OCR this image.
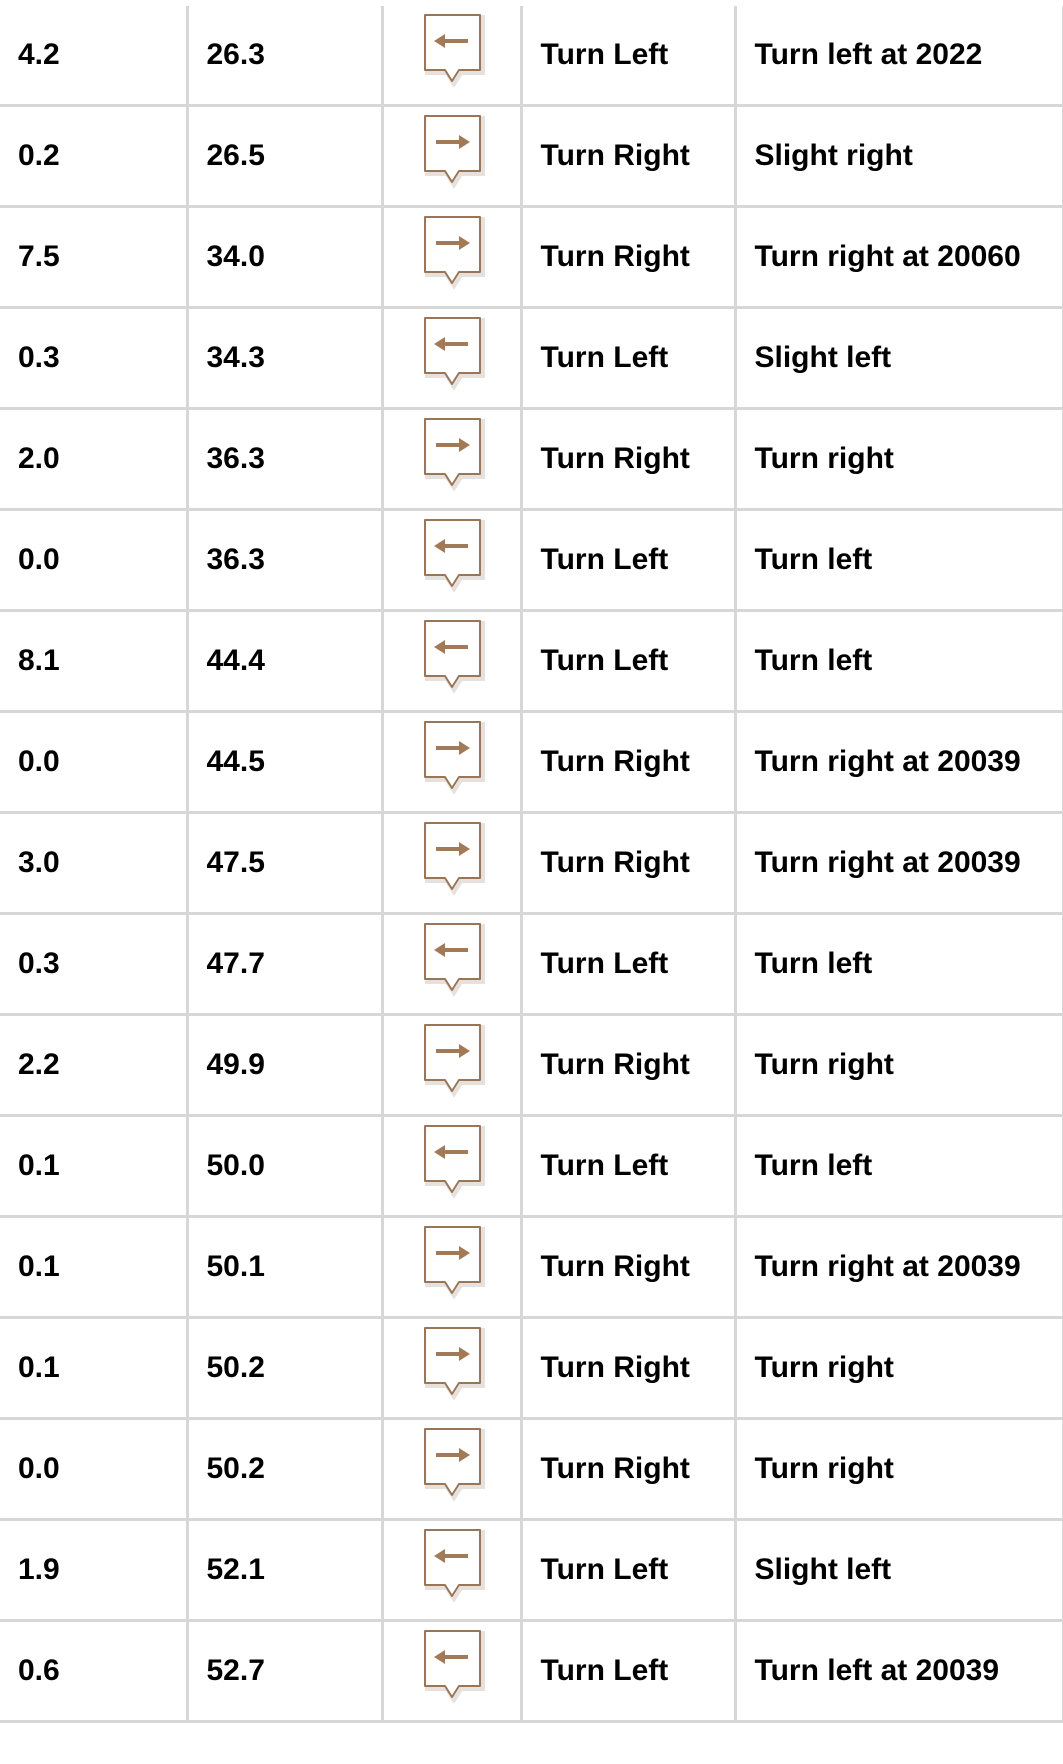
4.2	26.3		Turn Left	Turn left at 2022
0.2	26.5		Turn Right	Slight right
7.5	34.0		Turn Right	Turn right at 20060
0.3	34.3		Turn Left	Slight left
2.0	36.3		Turn Right	Turn right
0.0	36.3		Turn Left	Turn left
8.1	44.4		Turn Left	Turn left
0.0	44.5		Turn Right	Turn right at 20039
3.0	47.5		Turn Right	Turn right at 20039
0.3	47.7		Turn Left	Turn left
2.2	49.9		Turn Right	Turn right
0.1	50.0		Turn Left	Turn left
0.1	50.1		Turn Right	Turn right at 20039
0.1	50.2		Turn Right	Turn right
0.0	50.2		Turn Right	Turn right
1.9	52.1		Turn Left	Slight left
0.6	52.7		Turn Left	Turn left at 20039
